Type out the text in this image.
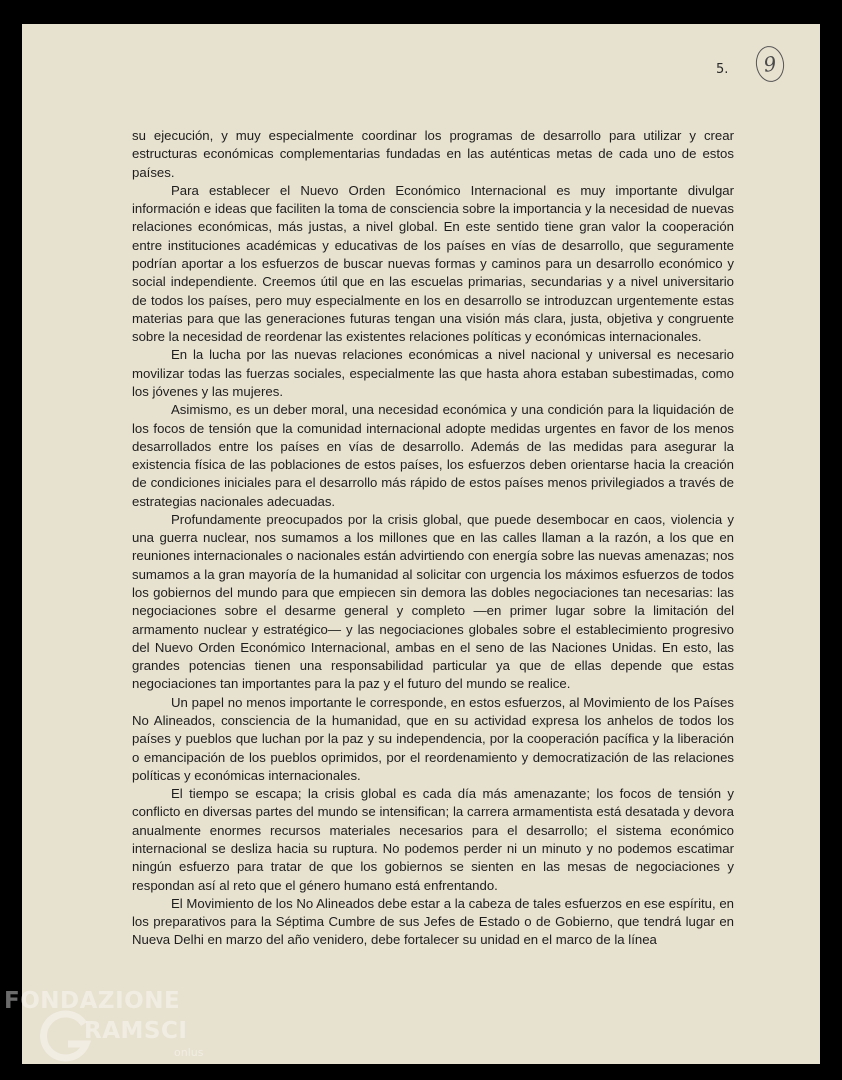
5.	9

su ejecución, y muy especialmente coordinar los programas de desarrollo para utilizar y crear estructuras económicas complementarias fundadas en las auténticas metas de cada uno de estos países.

Para establecer el Nuevo Orden Económico Internacional es muy importante divulgar información e ideas que faciliten la toma de consciencia sobre la importancia y la necesidad de nuevas relaciones económicas, más justas, a nivel global. En este sentido tiene gran valor la cooperación entre instituciones académicas y educativas de los países en vías de desarrollo, que seguramente podrían aportar a los esfuerzos de buscar nuevas formas y caminos para un desarrollo económico y social independiente. Creemos útil que en las escuelas primarias, secundarias y a nivel universitario de todos los países, pero muy especialmente en los en desarrollo se introduzcan urgentemente estas materias para que las generaciones futuras tengan una visión más clara, justa, objetiva y congruente sobre la necesidad de reordenar las existentes relaciones políticas y económicas internacionales.

En la lucha por las nuevas relaciones económicas a nivel nacional y universal es necesario movilizar todas las fuerzas sociales, especialmente las que hasta ahora estaban subestimadas, como los jóvenes y las mujeres.

Asimismo, es un deber moral, una necesidad económica y una condición para la liquidación de los focos de tensión que la comunidad internacional adopte medidas urgentes en favor de los menos desarrollados entre los países en vías de desarrollo. Además de las medidas para asegurar la existencia física de las poblaciones de estos países, los esfuerzos deben orientarse hacia la creación de condiciones iniciales para el desarrollo más rápido de estos países menos privilegiados a través de estrategias nacionales adecuadas.

Profundamente preocupados por la crisis global, que puede desembocar en caos, violencia y una guerra nuclear, nos sumamos a los millones que en las calles llaman a la razón, a los que en reuniones internacionales o nacionales están advirtiendo con energía sobre las nuevas amenazas; nos sumamos a la gran mayoría de la humanidad al solicitar con urgencia los máximos esfuerzos de todos los gobiernos del mundo para que empiecen sin demora las dobles negociaciones tan necesarias: las negociaciones sobre el desarme general y completo —en primer lugar sobre la limitación del armamento nuclear y estratégico— y las negociaciones globales sobre el establecimiento progresivo del Nuevo Orden Económico Internacional, ambas en el seno de las Naciones Unidas. En esto, las grandes potencias tienen una responsabilidad particular ya que de ellas depende que estas negociaciones tan importantes para la paz y el futuro del mundo se realice.

Un papel no menos importante le corresponde, en estos esfuerzos, al Movimiento de los Países No Alineados, consciencia de la humanidad, que en su actividad expresa los anhelos de todos los países y pueblos que luchan por la paz y su independencia, por la cooperación pacífica y la liberación o emancipación de los pueblos oprimidos, por el reordenamiento y democratización de las relaciones políticas y económicas internacionales.

El tiempo se escapa; la crisis global es cada día más amenazante; los focos de tensión y conflicto en diversas partes del mundo se intensifican; la carrera armamentista está desatada y devora anualmente enormes recursos materiales necesarios para el desarrollo; el sistema económico internacional se desliza hacia su ruptura. No podemos perder ni un minuto y no podemos escatimar ningún esfuerzo para tratar de que los gobiernos se sienten en las mesas de negociaciones y respondan así al reto que el género humano está enfrentando.

El Movimiento de los No Alineados debe estar a la cabeza de tales esfuerzos en ese espíritu, en los preparativos para la Séptima Cumbre de sus Jefes de Estado o de Gobierno, que tendrá lugar en Nueva Delhi en marzo del año venidero, debe fortalecer su unidad en el marco de la línea

FONDAZIONE
RAMSCI
onlus
